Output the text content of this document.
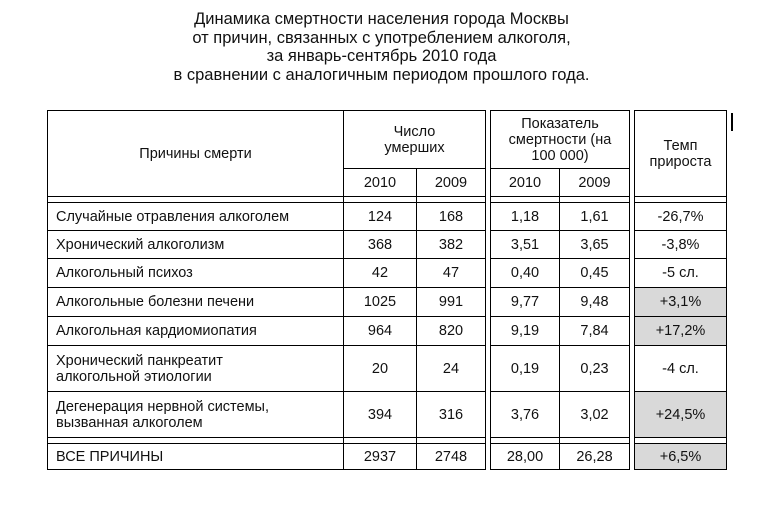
Динамика смертности населения города Москвы
от причин, связанных с употреблением алкоголя,
за январь-сентябрь 2010 года
в сравнении с аналогичным периодом прошлого года.
Причины смерти	Число умерших			Показатель смертности (на 100 000)			Темп прироста

	2010	2009		2010	2009		

Случайные отравления алкоголем	124	168		1,18	1,61		-26,7%
Хронический алкоголизм	368	382		3,51	3,65		-3,8%
Алкогольный психоз	42	47		0,40	0,45		-5 сл.
Алкогольные болезни печени	1025	991		9,77	9,48		+3,1%
Алкогольная кардиомиопатия	964	820		9,19	7,84		+17,2%

Хронический панкреатит алкогольной этиологии	20	24		0,19	0,23		-4 сл.

Дегенерация нервной системы, вызванная алкоголем	394	316		3,76	3,02		+24,5%

ВСЕ ПРИЧИНЫ	2937	2748		28,00	26,28		+6,5%
